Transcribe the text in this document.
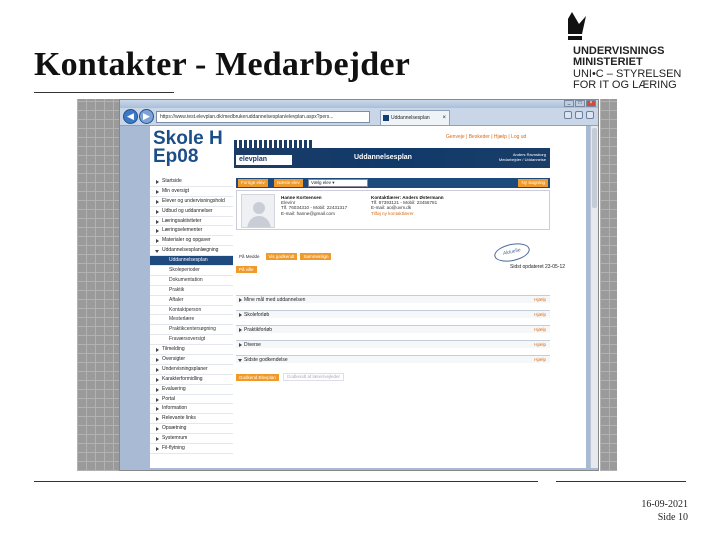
Kontakter - Medarbejder	UNDERVISNINGS
MINISTERIET
UNI•C – STYRELSEN
FOR IT OG LÆRING
_	□	×
◀	▶	https://www.test.elevplan.dk/medbrukeruddannelsesplan/elevplan.aspx?pers...	Uddannelsesplan ×
Skole H
Ep08
Genveje | Beskeder | Hjælp | Log ud
elevplan	Uddannelsesplan	Anders Ravnsborg
Medarbejder / Uddannelse
Startside
Min oversigt
Elever og undervisningshold
Udbud og uddannelser
Læringsaktiviteter
Læringselementer
Materialer og opgaver
Uddannelsesplanlægning
Uddannelsesplan
Skoleperioder
Dokumentation
Praktik
Aftaler
Kontaktperson
Mesterlære
Praktikcentersøgning
Fraværsoversigt
Tilmelding
Oversigter
Undervisningsplaner
Karakterformidling
Evaluering
Portal
Information
Relevante links
Opsætning
Systemrum
Fil-flytning
Forrige elev	Næste elev	Vælg elev ▾	Ny Søgning
Hanne Kortsensen
Elev/nr
Tlf. 76034310 - Mobil: 22431317
E-mail: hanne@gmail.com
Kontaktlærer: Anders Østermann
Tlf. 87393121 - Mobil: 23456781
E-mail: ao@uvm.dk
Tilføj ny kontaktlærer
På Medde	Vis godkendt	Sammenlign
På ville
Aktuelle
Sidst opdateret 23-05-12
Mine mål med uddannelsen	Hjælp
Skoleforløb	Hjælp
Praktikforløb	Hjælp
Diverse	Hjælp
Sidste godkendelse	Hjælp
Godkend Elevplan	Godkendt af lærer/vejleder
16-09-2021
Side 10
